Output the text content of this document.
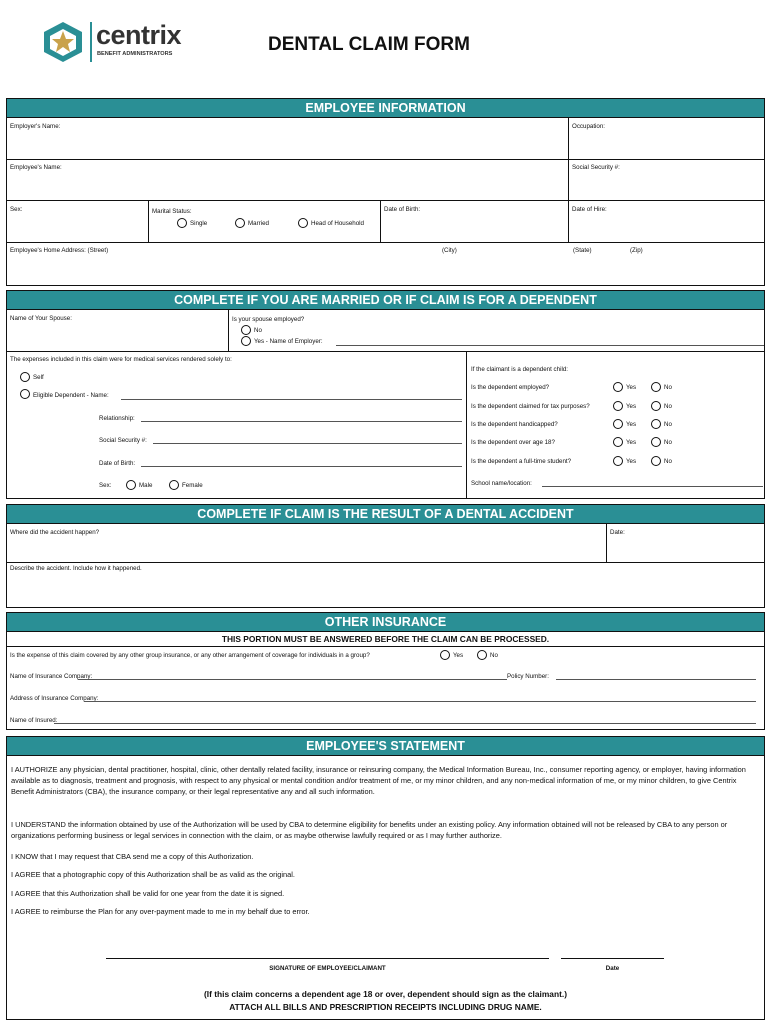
centrix
BENEFIT ADMINISTRATORS	DENTAL CLAIM FORM
EMPLOYEE INFORMATION
Employer's Name:	Occupation:
Employee's Name:	Social Security #:
Sex:	Marital Status:
Single	Married	Head of Household
Date of Birth:	Date of Hire:
Employee's Home Address: (Street)	(City)	(State)	(Zip)
COMPLETE IF YOU ARE MARRIED OR IF CLAIM IS FOR A DEPENDENT
Name of Your Spouse:	Is your spouse employed?
No
Yes - Name of Employer:
The expenses included in this claim were for medical services rendered solely to:
Self
Eligible Dependent - Name:
Relationship:
Social Security #:
Date of Birth:
Sex:	Male	Female
If the claimant is a dependent child:
Is the dependent employed?	Yes	No
Is the dependent claimed for tax purposes?	Yes	No
Is the dependent handicapped?	Yes	No
Is the dependent over age 18?	Yes	No
Is the dependent a full-time student?	Yes	No
School name/location:
COMPLETE IF CLAIM IS THE RESULT OF A DENTAL ACCIDENT
Where did the accident happen?	Date:
Describe the accident. Include how it happened.
OTHER INSURANCE
THIS PORTION MUST BE ANSWERED BEFORE THE CLAIM CAN BE PROCESSED.
Is the expense of this claim covered by any other group insurance, or any other arrangement of coverage for individuals in a group?	Yes	No
Name of Insurance Company:	Policy Number:
Address of Insurance Company:
Name of Insured:
EMPLOYEE'S STATEMENT
I AUTHORIZE any physician, dental practitioner, hospital, clinic, other dentally related facility, insurance or reinsuring company, the Medical Information Bureau, Inc., consumer reporting agency, or employer, having information available as to diagnosis, treatment and prognosis, with respect to any physical or mental condition and/or treatment of me, or my minor children, and any non-medical information of me, or my minor children, to give Centrix Benefit Administrators (CBA), the insurance company, or their legal representative any and all such information.
I UNDERSTAND the information obtained by use of the Authorization will be used by CBA to determine eligibility for benefits under an existing policy. Any information obtained will not be released by CBA to any person or organizations performing business or legal services in connection with the claim, or as maybe otherwise lawfully required or as I may further authorize.
I KNOW that I may request that CBA send me a copy of this Authorization.
I AGREE that a photographic copy of this Authorization shall be as valid as the original.
I AGREE that this Authorization shall be valid for one year from the date it is signed.
I AGREE to reimburse the Plan for any over-payment made to me in my behalf due to error.
SIGNATURE OF EMPLOYEE/CLAIMANT	Date
(If this claim concerns a dependent age 18 or over, dependent should sign as the claimant.)
ATTACH ALL BILLS AND PRESCRIPTION RECEIPTS INCLUDING DRUG NAME.
